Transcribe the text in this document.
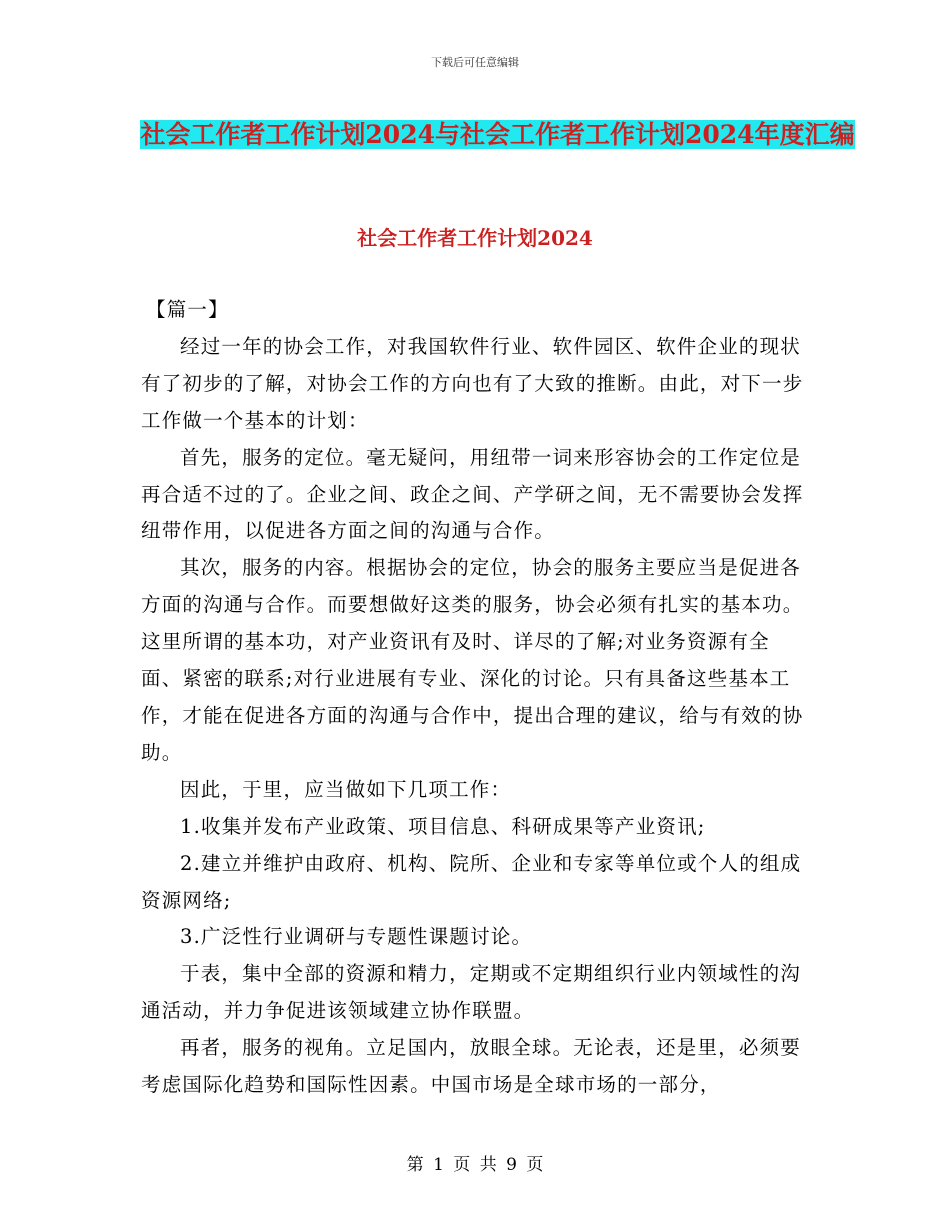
下载后可任意编辑
社会工作者工作计划2024与社会工作者工作计划2024年度汇编
社会工作者工作计划2024

【篇一】

经过一年的协会工作，对我国软件行业、软件园区、软件企业的现状有了初步的了解，对协会工作的方向也有了大致的推断。由此，对下一步工作做一个基本的计划：

首先，服务的定位。毫无疑问，用纽带一词来形容协会的工作定位是再合适不过的了。企业之间、政企之间、产学研之间，无不需要协会发挥纽带作用，以促进各方面之间的沟通与合作。

其次，服务的内容。根据协会的定位，协会的服务主要应当是促进各方面的沟通与合作。而要想做好这类的服务，协会必须有扎实的基本功。这里所谓的基本功，对产业资讯有及时、详尽的了解;对业务资源有全面、紧密的联系;对行业进展有专业、深化的讨论。只有具备这些基本工作，才能在促进各方面的沟通与合作中，提出合理的建议，给与有效的协助。

因此，于里，应当做如下几项工作：

1.收集并发布产业政策、项目信息、科研成果等产业资讯;

2.建立并维护由政府、机构、院所、企业和专家等单位或个人的组成资源网络;

3.广泛性行业调研与专题性课题讨论。

于表，集中全部的资源和精力，定期或不定期组织行业内领域性的沟通活动，并力争促进该领域建立协作联盟。

再者，服务的视角。立足国内，放眼全球。无论表，还是里，必须要考虑国际化趋势和国际性因素。中国市场是全球市场的一部分，

第 1 页 共 9 页
